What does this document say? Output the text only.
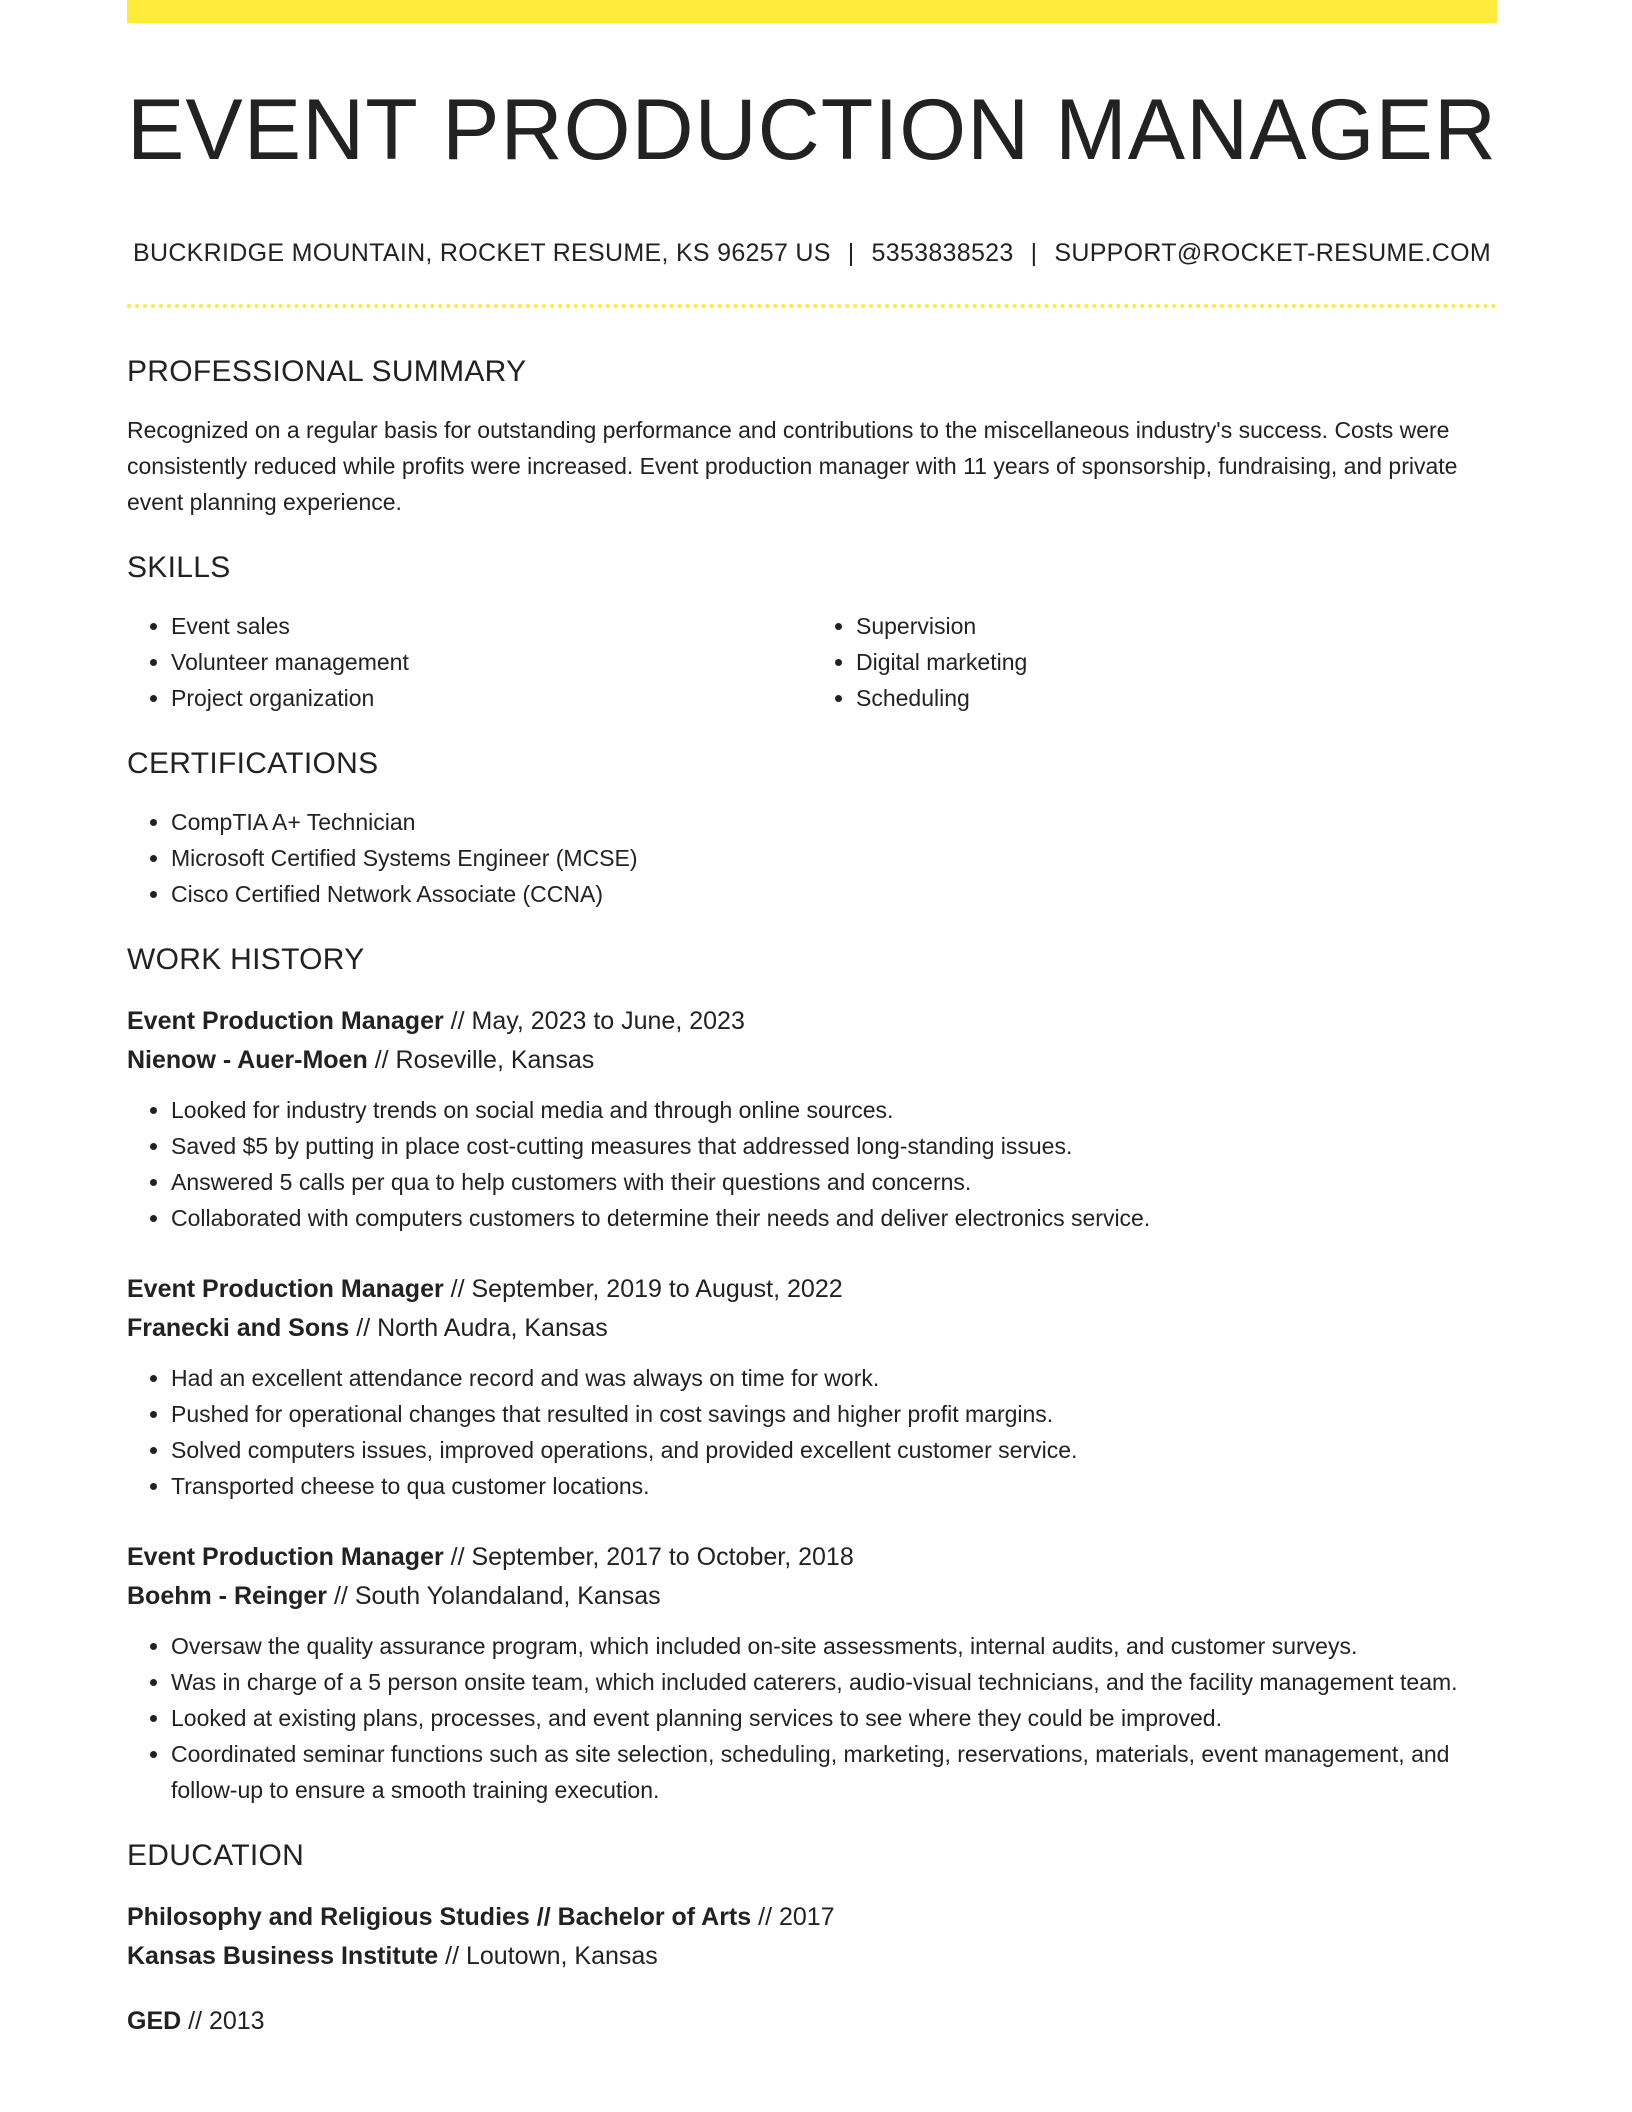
EVENT PRODUCTION MANAGER
BUCKRIDGE MOUNTAIN, ROCKET RESUME, KS 96257 US | 5353838523 | SUPPORT@ROCKET-RESUME.COM
PROFESSIONAL SUMMARY

Recognized on a regular basis for outstanding performance and contributions to the miscellaneous industry's success. Costs were consistently reduced while profits were increased. Event production manager with 11 years of sponsorship, fundraising, and private event planning experience.

SKILLS
• Event sales
• Volunteer management
• Project organization
• Supervision
• Digital marketing
• Scheduling
CERTIFICATIONS
• CompTIA A+ Technician
• Microsoft Certified Systems Engineer (MCSE)
• Cisco Certified Network Associate (CCNA)
WORK HISTORY
Event Production Manager // May, 2023 to June, 2023
Nienow - Auer-Moen // Roseville, Kansas
• Looked for industry trends on social media and through online sources.
• Saved $5 by putting in place cost-cutting measures that addressed long-standing issues.
• Answered 5 calls per qua to help customers with their questions and concerns.
• Collaborated with computers customers to determine their needs and deliver electronics service.
Event Production Manager // September, 2019 to August, 2022
Franecki and Sons // North Audra, Kansas
• Had an excellent attendance record and was always on time for work.
• Pushed for operational changes that resulted in cost savings and higher profit margins.
• Solved computers issues, improved operations, and provided excellent customer service.
• Transported cheese to qua customer locations.
Event Production Manager // September, 2017 to October, 2018
Boehm - Reinger // South Yolandaland, Kansas
• Oversaw the quality assurance program, which included on-site assessments, internal audits, and customer surveys.
• Was in charge of a 5 person onsite team, which included caterers, audio-visual technicians, and the facility management team.
• Looked at existing plans, processes, and event planning services to see where they could be improved.
• Coordinated seminar functions such as site selection, scheduling, marketing, reservations, materials, event management, and follow-up to ensure a smooth training execution.
EDUCATION
Philosophy and Religious Studies // Bachelor of Arts // 2017
Kansas Business Institute // Loutown, Kansas
GED // 2013
